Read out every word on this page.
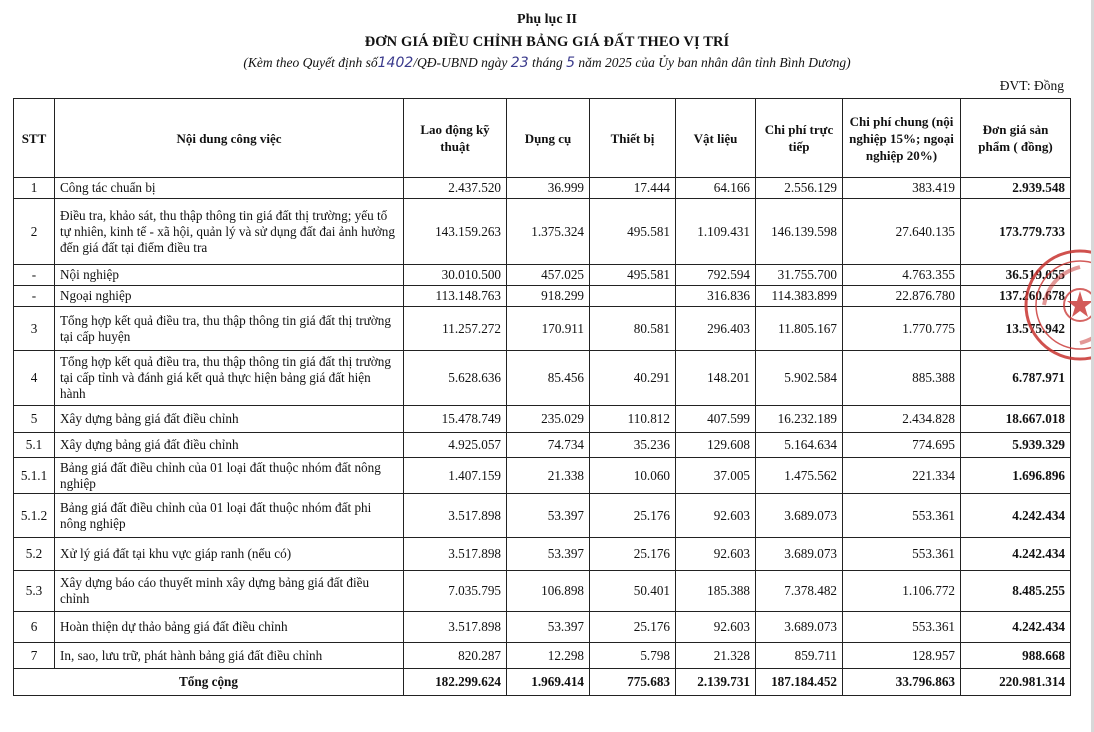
Phụ lục II
ĐƠN GIÁ ĐIỀU CHỈNH BẢNG GIÁ ĐẤT THEO VỊ TRÍ
(Kèm theo Quyết định số1402/QĐ-UBND ngày 23 tháng 5 năm 2025 của Ủy ban nhân dân tỉnh Bình Dương)
ĐVT: Đồng
STT	Nội dung công việc	Lao động kỹ thuật	Dụng cụ	Thiết bị	Vật liệu	Chi phí trực tiếp	Chi phí chung (nội nghiệp 15%; ngoại nghiệp 20%)	Đơn giá sản phẩm ( đồng)
1	Công tác chuẩn bị	2.437.520	36.999	17.444	64.166	2.556.129	383.419	2.939.548
2	Điều tra, khảo sát, thu thập thông tin giá đất thị trường; yếu tố tự nhiên, kinh tế - xã hội, quản lý và sử dụng đất đai ảnh hưởng đến giá đất tại điểm điều tra	143.159.263	1.375.324	495.581	1.109.431	146.139.598	27.640.135	173.779.733
-	Nội nghiệp	30.010.500	457.025	495.581	792.594	31.755.700	4.763.355	36.519.055
-	Ngoại nghiệp	113.148.763	918.299		316.836	114.383.899	22.876.780	137.260.678
3	Tổng hợp kết quả điều tra, thu thập thông tin giá đất thị trường tại cấp huyện	11.257.272	170.911	80.581	296.403	11.805.167	1.770.775	13.575.942
4	Tổng hợp kết quả điều tra, thu thập thông tin giá đất thị trường tại cấp tỉnh và đánh giá kết quả thực hiện bảng giá đất hiện hành	5.628.636	85.456	40.291	148.201	5.902.584	885.388	6.787.971
5	Xây dựng bảng giá đất điều chỉnh	15.478.749	235.029	110.812	407.599	16.232.189	2.434.828	18.667.018
5.1	Xây dựng bảng giá đất điều chỉnh	4.925.057	74.734	35.236	129.608	5.164.634	774.695	5.939.329
5.1.1	Bảng giá đất điều chỉnh của 01 loại đất thuộc nhóm đất nông nghiệp	1.407.159	21.338	10.060	37.005	1.475.562	221.334	1.696.896
5.1.2	Bảng giá đất điều chỉnh của 01 loại đất thuộc nhóm đất phi nông nghiệp	3.517.898	53.397	25.176	92.603	3.689.073	553.361	4.242.434
5.2	Xử lý giá đất tại khu vực giáp ranh (nếu có)	3.517.898	53.397	25.176	92.603	3.689.073	553.361	4.242.434
5.3	Xây dựng báo cáo thuyết minh xây dựng bảng giá đất điều chỉnh	7.035.795	106.898	50.401	185.388	7.378.482	1.106.772	8.485.255
6	Hoàn thiện dự thảo bảng giá đất điều chỉnh	3.517.898	53.397	25.176	92.603	3.689.073	553.361	4.242.434
7	In, sao, lưu trữ, phát hành bảng giá đất điều chỉnh	820.287	12.298	5.798	21.328	859.711	128.957	988.668
Tổng cộng		182.299.624	1.969.414	775.683	2.139.731	187.184.452	33.796.863	220.981.314
